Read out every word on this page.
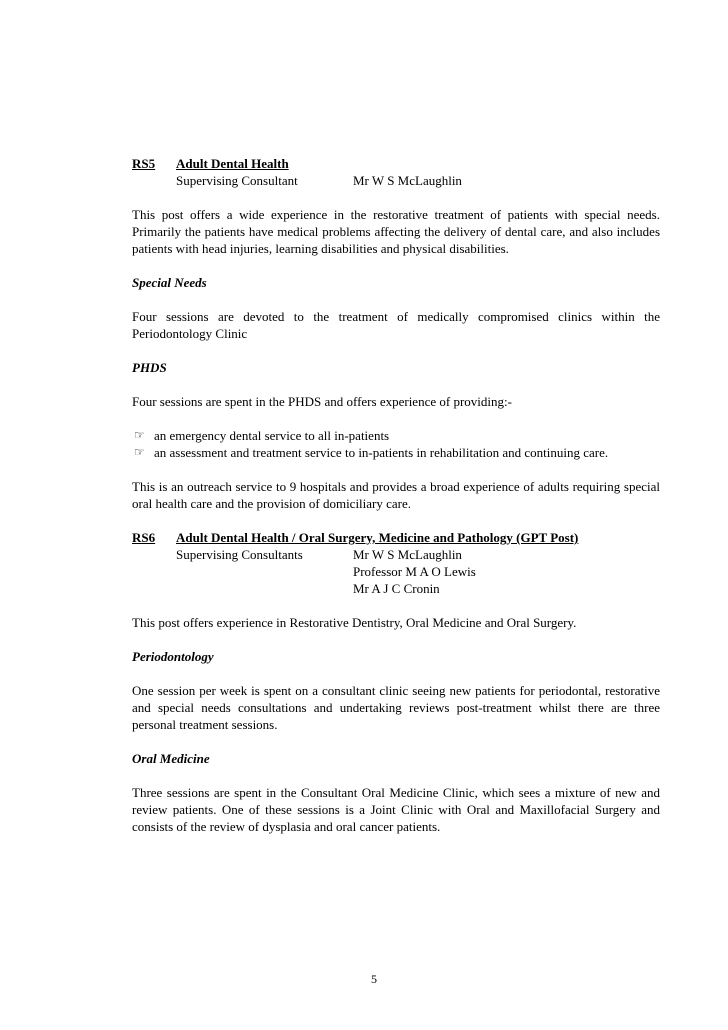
RS5 Adult Dental Health
Supervising Consultant	Mr W S McLaughlin

This post offers a wide experience in the restorative treatment of patients with special needs. Primarily the patients have medical problems affecting the delivery of dental care, and also includes patients with head injuries, learning disabilities and physical disabilities.

Special Needs

Four sessions are devoted to the treatment of medically compromised clinics within the Periodontology Clinic

PHDS

Four sessions are spent in the PHDS and offers experience of providing:-

☞ an emergency dental service to all in-patients
☞ an assessment and treatment service to in-patients in rehabilitation and continuing care.

This is an outreach service to 9 hospitals and provides a broad experience of adults requiring special oral health care and the provision of domiciliary care.

RS6 Adult Dental Health / Oral Surgery, Medicine and Pathology (GPT Post)
Supervising Consultants	Mr W S McLaughlin
Professor M A O Lewis
Mr A J C Cronin

This post offers experience in Restorative Dentistry, Oral Medicine and Oral Surgery.

Periodontology

One session per week is spent on a consultant clinic seeing new patients for periodontal, restorative and special needs consultations and undertaking reviews post-treatment whilst there are three personal treatment sessions.

Oral Medicine

Three sessions are spent in the Consultant Oral Medicine Clinic, which sees a mixture of new and review patients. One of these sessions is a Joint Clinic with Oral and Maxillofacial Surgery and consists of the review of dysplasia and oral cancer patients.

5
